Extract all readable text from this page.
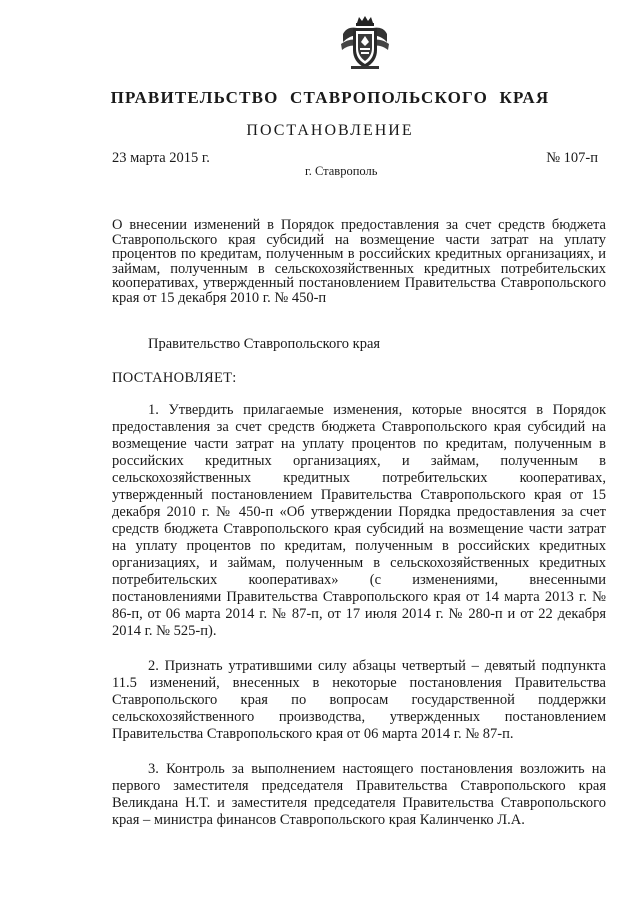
ПРАВИТЕЛЬСТВО СТАВРОПОЛЬСКОГО КРАЯ
ПОСТАНОВЛЕНИЕ
23 марта 2015 г.
г. Ставрополь
№ 107-п
О внесении изменений в Порядок предоставления за счет средств бюджета Ставропольского края субсидий на возмещение части затрат на уплату процентов по кредитам, полученным в российских кредитных организациях, и займам, полученным в сельскохозяйственных кредитных потребительских кооперативах, утвержденный постановлением Правительства Ставропольского края от 15 декабря 2010 г. № 450-п
Правительство Ставропольского края
ПОСТАНОВЛЯЕТ:

1. Утвердить прилагаемые изменения, которые вносятся в Порядок предоставления за счет средств бюджета Ставропольского края субсидий на возмещение части затрат на уплату процентов по кредитам, полученным в российских кредитных организациях, и займам, полученным в сельскохозяйственных кредитных потребительских кооперативах, утвержденный постановлением Правительства Ставропольского края от 15 декабря 2010 г. № 450-п «Об утверждении Порядка предоставления за счет средств бюджета Ставропольского края субсидий на возмещение части затрат на уплату процентов по кредитам, полученным в российских кредитных организациях, и займам, полученным в сельскохозяйственных кредитных потребительских кооперативах» (с изменениями, внесенными постановлениями Правительства Ставропольского края от 14 марта 2013 г. № 86-п, от 06 марта 2014 г. № 87-п, от 17 июля 2014 г. № 280-п и от 22 декабря 2014 г. № 525-п).

2. Признать утратившими силу абзацы четвертый – девятый подпункта 11.5 изменений, внесенных в некоторые постановления Правительства Ставропольского края по вопросам государственной поддержки сельскохозяйственного производства, утвержденных постановлением Правительства Ставропольского края от 06 марта 2014 г. № 87-п.

3. Контроль за выполнением настоящего постановления возложить на первого заместителя председателя Правительства Ставропольского края Великдана Н.Т. и заместителя председателя Правительства Ставропольского края – министра финансов Ставропольского края Калинченко Л.А.
